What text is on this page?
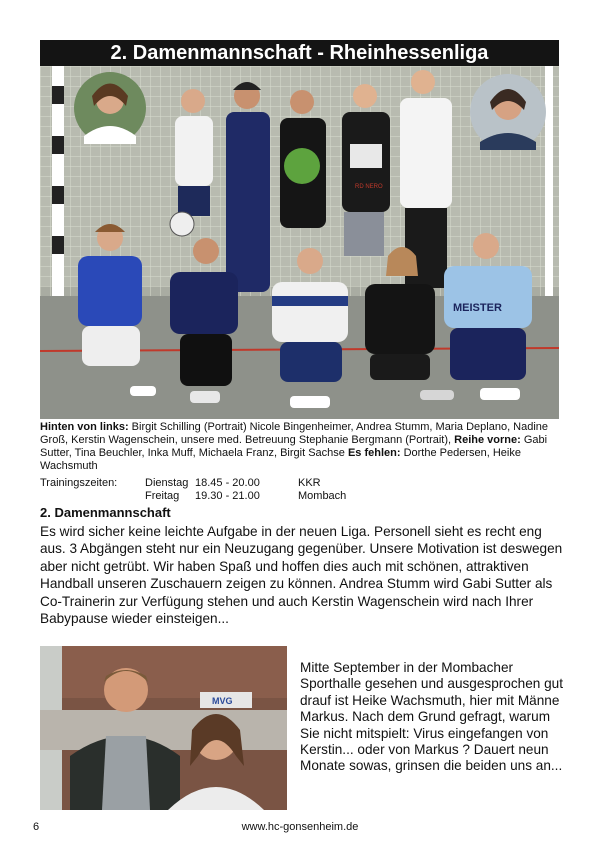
2. Damenmannschaft - Rheinhessenliga
RD NERO
MEISTER
Hinten von links: Birgit Schilling (Portrait) Nicole Bingenheimer, Andrea Stumm, Maria Deplano, Nadine Groß, Kerstin Wagenschein, unsere med. Betreuung Stephanie Bergmann (Portrait), Reihe vorne: Gabi Sutter, Tina Beuchler, Inka Muff, Michaela Franz, Birgit Sachse Es fehlen: Dorthe Pedersen, Heike Wachsmuth
Trainingszeiten:	Dienstag 18.45 - 20.00	KKR
Freitag 19.30 - 21.00	Mombach
2. Damenmannschaft
Es wird sicher keine leichte Aufgabe in der neuen Liga. Personell sieht es recht eng aus. 3 Abgängen steht nur ein Neuzugang gegenüber. Unsere Motivation ist deswegen aber nicht getrübt. Wir haben Spaß und hoffen dies auch mit schönen, attraktiven Handball unseren Zuschauern zeigen zu können. Andrea Stumm wird Gabi Sutter als Co-Trainerin zur Verfügung stehen und auch Kerstin Wagenschein wird nach Ihrer Babypause wieder einsteigen...
MVG
Mitte September in der Mombacher Sporthalle gesehen und ausgesprochen gut drauf ist Heike Wachsmuth, hier mit Männe Markus. Nach dem Grund gefragt, warum Sie nicht mitspielt: Virus eingefangen von Kerstin... oder von Markus ? Dauert neun Monate sowas, grinsen die beiden uns an...
6	www.hc-gonsenheim.de
